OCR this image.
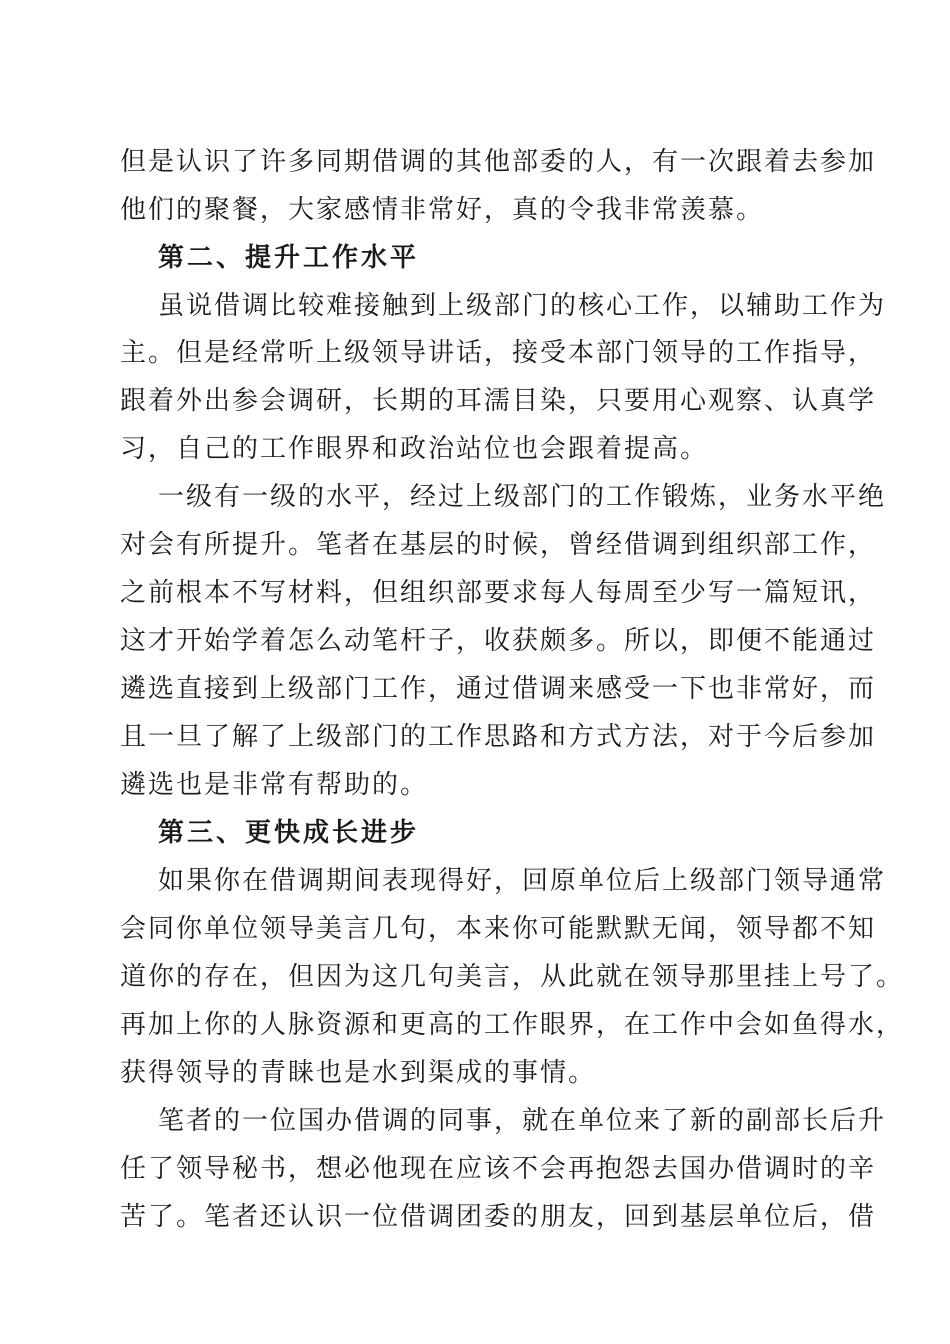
但是认识了许多同期借调的其他部委的人，有一次跟着去参加
他们的聚餐，大家感情非常好，真的令我非常羡慕。
第二、提升工作水平
虽说借调比较难接触到上级部门的核心工作，以辅助工作为
主。但是经常听上级领导讲话，接受本部门领导的工作指导，
跟着外出参会调研，长期的耳濡目染，只要用心观察、认真学
习，自己的工作眼界和政治站位也会跟着提高。
一级有一级的水平，经过上级部门的工作锻炼，业务水平绝
对会有所提升。笔者在基层的时候，曾经借调到组织部工作，
之前根本不写材料，但组织部要求每人每周至少写一篇短讯，
这才开始学着怎么动笔杆子，收获颇多。所以，即便不能通过
遴选直接到上级部门工作，通过借调来感受一下也非常好，而
且一旦了解了上级部门的工作思路和方式方法，对于今后参加
遴选也是非常有帮助的。
第三、更快成长进步
如果你在借调期间表现得好，回原单位后上级部门领导通常
会同你单位领导美言几句，本来你可能默默无闻，领导都不知
道你的存在，但因为这几句美言，从此就在领导那里挂上号了。
再加上你的人脉资源和更高的工作眼界，在工作中会如鱼得水，
获得领导的青睐也是水到渠成的事情。
笔者的一位国办借调的同事，就在单位来了新的副部长后升
任了领导秘书，想必他现在应该不会再抱怨去国办借调时的辛
苦了。笔者还认识一位借调团委的朋友，回到基层单位后，借
